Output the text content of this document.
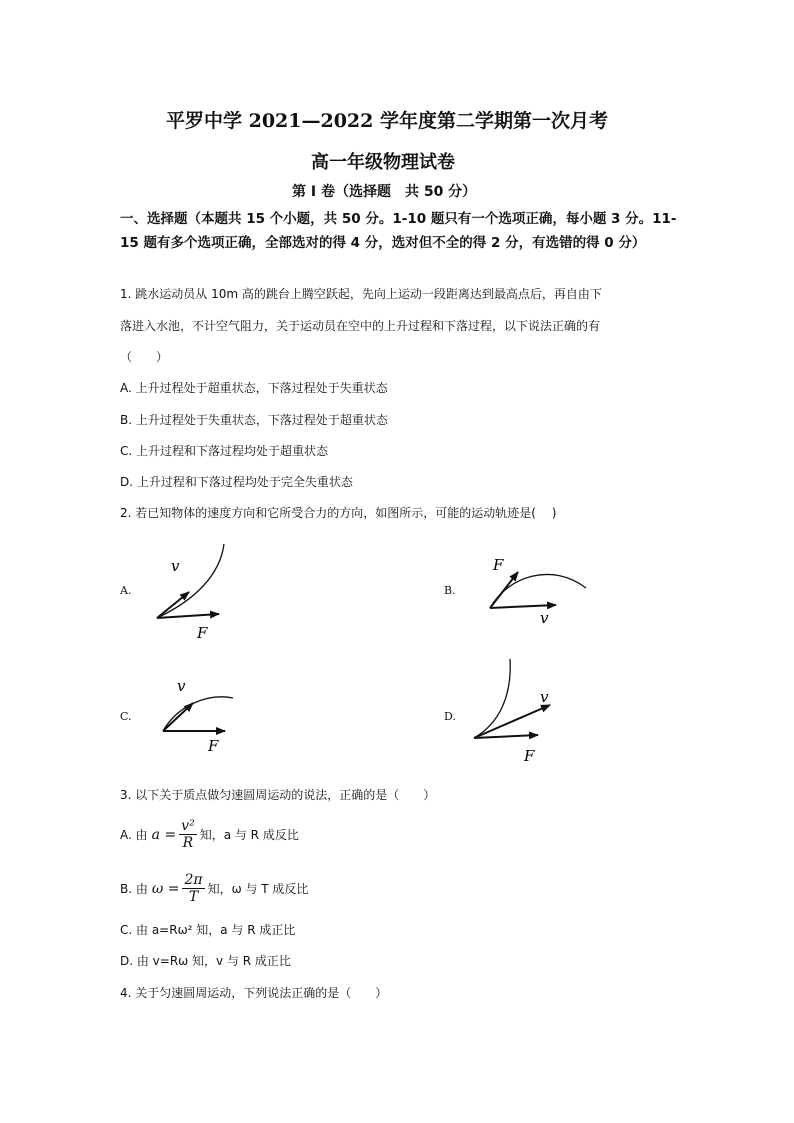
平罗中学 2021—2022 学年度第二学期第一次月考
高一年级物理试卷
第 I 卷（选择题　共 50 分）
一、选择题（本题共 15 个小题，共 50 分。1-10 题只有一个选项正确，每小题 3 分。11-15 题有多个选项正确，全部选对的得 4 分，选对但不全的得 2 分，有选错的得 0 分）
1. 跳水运动员从 10m 高的跳台上腾空跃起，先向上运动一段距离达到最高点后，再自由下
落进入水池，不计空气阻力，关于运动员在空中的上升过程和下落过程，以下说法正确的有
（　　）
A. 上升过程处于超重状态，下落过程处于失重状态
B. 上升过程处于失重状态，下落过程处于超重状态
C. 上升过程和下落过程均处于超重状态
D. 上升过程和下落过程均处于完全失重状态
2. 若已知物体的速度方向和它所受合力的方向，如图所示，可能的运动轨迹是(　 )
A.
v
F
B.
F
v
C.
v
F
D.
v
F
3. 以下关于质点做匀速圆周运动的说法，正确的是（　　）
A. 由 $a = \frac{\text{v²}}{R}$ 知，a 与 R 成反比
B. 由 $\omega = \frac{2\pi}{T}$ 知，ω 与 T 成反比
C. 由 a=Rω² 知，a 与 R 成正比
D. 由 v=Rω 知，v 与 R 成正比
4. 关于匀速圆周运动，下列说法正确的是（　　）
